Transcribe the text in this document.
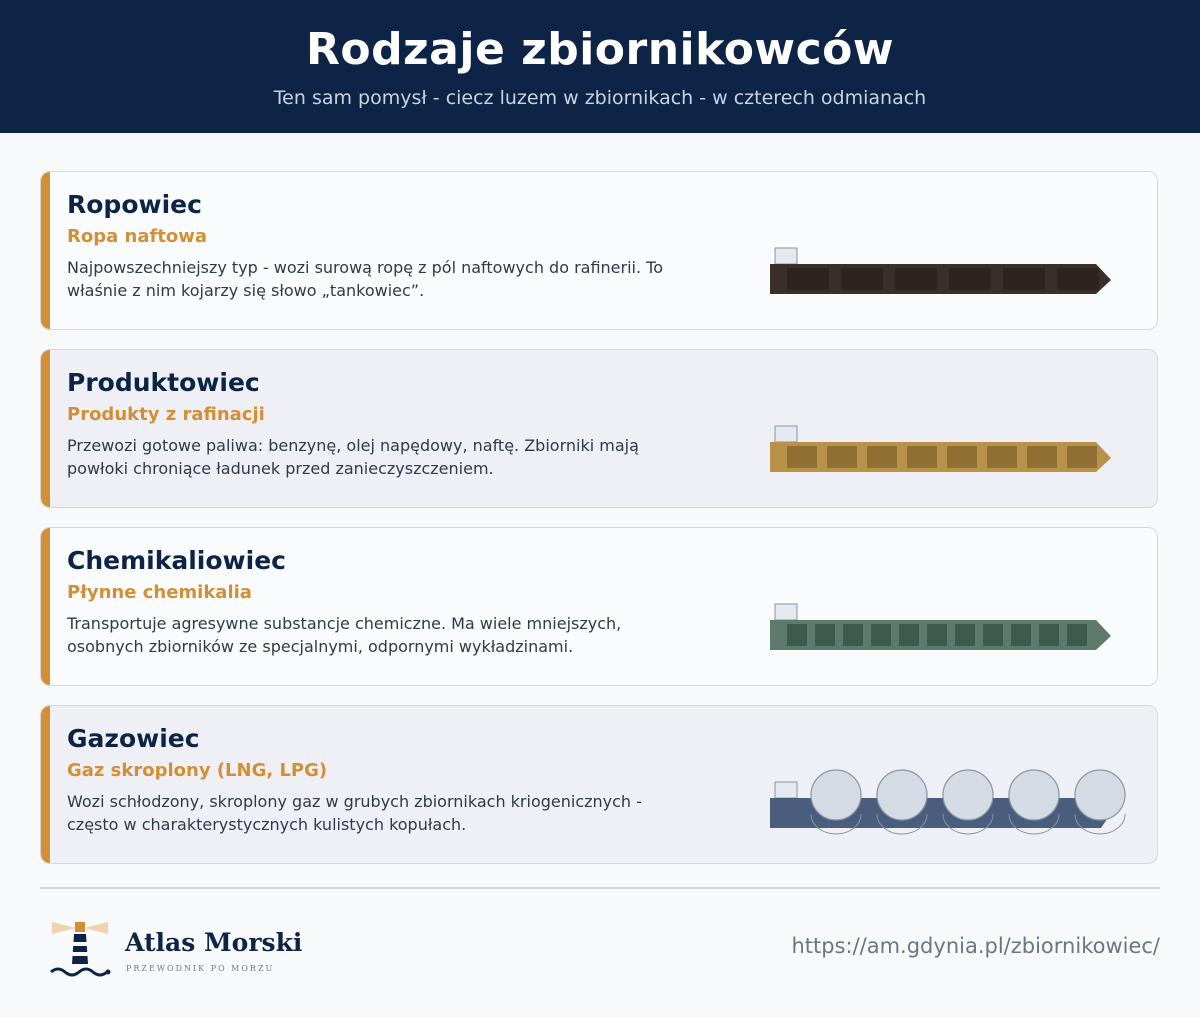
Rodzaje zbiornikowców
Ten sam pomysł - ciecz luzem w zbiornikach - w czterech odmianach
Ropowiec
Ropa naftowa
Najpowszechniejszy typ - wozi surową ropę z pól naftowych do rafinerii. To właśnie z nim kojarzy się słowo „tankowiec”.
Produktowiec
Produkty z rafinacji
Przewozi gotowe paliwa: benzynę, olej napędowy, naftę. Zbiorniki mają powłoki chroniące ładunek przed zanieczyszczeniem.
Chemikaliowiec
Płynne chemikalia
Transportuje agresywne substancje chemiczne. Ma wiele mniejszych, osobnych zbiorników ze specjalnymi, odpornymi wykładzinami.
Gazowiec
Gaz skroplony (LNG, LPG)
Wozi schłodzony, skroplony gaz w grubych zbiornikach kriogenicznych - często w charakterystycznych kulistych kopułach.
Atlas Morski
PRZEWODNIK PO MORZU
https://am.gdynia.pl/zbiornikowiec/
